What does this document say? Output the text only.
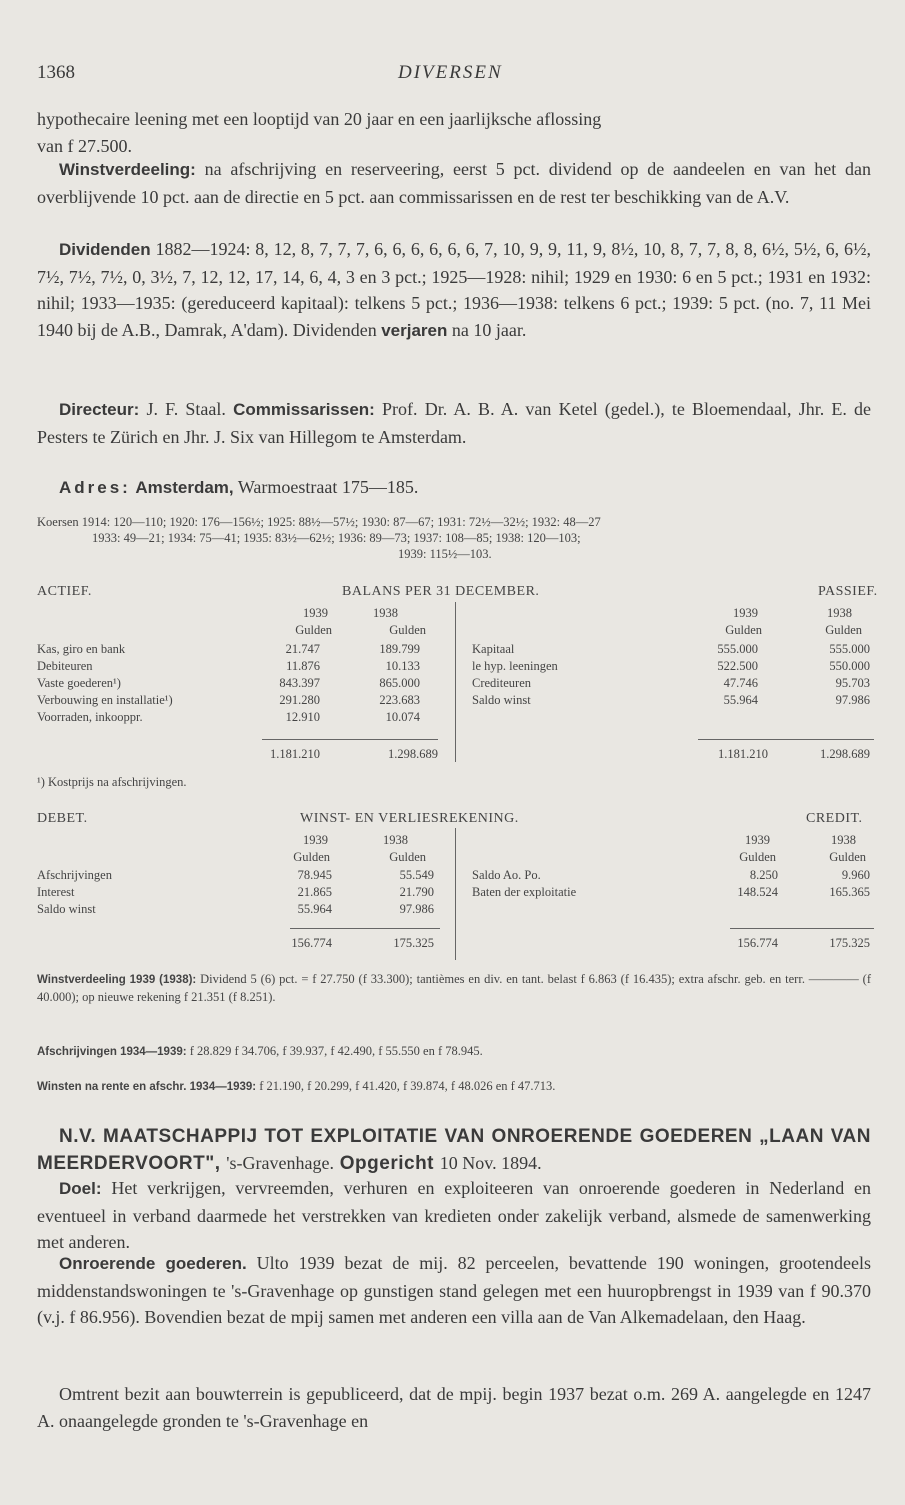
1368	DIVERSEN
hypothecaire leening met een looptijd van 20 jaar en een jaarlijksche aflossing
van f 27.500.
Winstverdeeling: na afschrijving en reserveering, eerst 5 pct. dividend op de aandeelen en van het dan overblijvende 10 pct. aan de directie en 5 pct. aan commissarissen en de rest ter beschikking van de A.V.
Dividenden 1882—1924: 8, 12, 8, 7, 7, 7, 6, 6, 6, 6, 6, 6, 7, 10, 9, 9, 11, 9, 8½, 10, 8, 7, 7, 8, 8, 6½, 5½, 6, 6½, 7½, 7½, 7½, 0, 3½, 7, 12, 12, 17, 14, 6, 4, 3 en 3 pct.; 1925—1928: nihil; 1929 en 1930: 6 en 5 pct.; 1931 en 1932: nihil; 1933—1935: (gereduceerd kapitaal): telkens 5 pct.; 1936—1938: telkens 6 pct.; 1939: 5 pct. (no. 7, 11 Mei 1940 bij de A.B., Damrak, A'dam). Dividenden verjaren na 10 jaar.
Directeur: J. F. Staal. Commissarissen: Prof. Dr. A. B. A. van Ketel (gedel.), te Bloemendaal, Jhr. E. de Pesters te Zürich en Jhr. J. Six van Hillegom te Amsterdam.
Adres: Amsterdam, Warmoestraat 175—185.
Koersen 1914: 120—110; 1920: 176—156½; 1925: 88½—57½; 1930: 87—67; 1931: 72½—32½; 1932: 48—27
1933: 49—21; 1934: 75—41; 1935: 83½—62½; 1936: 89—73; 1937: 108—85; 1938: 120—103;
1939: 115½—103.
ACTIEF.	BALANS PER 31 DECEMBER.	PASSIEF.
1939	1938
Gulden	Gulden
1939	1938
Gulden	Gulden
Kas, giro en bank	21.747	189.799
Debiteuren	11.876	10.133
Vaste goederen¹)	843.397	865.000
Verbouwing en installatie¹)	291.280	223.683
Voorraden, inkooppr.	12.910	10.074
Kapitaal	555.000	555.000
le hyp. leeningen	522.500	550.000
Crediteuren	47.746	95.703
Saldo winst	55.964	97.986
1.181.210	1.298.689	1.181.210	1.298.689
¹) Kostprijs na afschrijvingen.
DEBET.	WINST- EN VERLIESREKENING.	CREDIT.
1939	1938
Gulden	Gulden
1939	1938
Gulden	Gulden
Afschrijvingen	78.945	55.549
Interest	21.865	21.790
Saldo winst	55.964	97.986
Saldo Ao. Po.	8.250	9.960
Baten der exploitatie	148.524	165.365
156.774	175.325	156.774	175.325
Winstverdeeling 1939 (1938): Dividend 5 (6) pct. = f 27.750 (f 33.300); tantièmes en div. en tant. belast f 6.863 (f 16.435); extra afschr. geb. en terr. ———— (f 40.000); op nieuwe rekening f 21.351 (f 8.251).
Afschrijvingen 1934—1939: f 28.829 f 34.706, f 39.937, f 42.490, f 55.550 en f 78.945.
Winsten na rente en afschr. 1934—1939: f 21.190, f 20.299, f 41.420, f 39.874, f 48.026 en f 47.713.
N.V. MAATSCHAPPIJ TOT EXPLOITATIE VAN ONROERENDE GOEDEREN „LAAN VAN MEERDERVOORT", 's-Gravenhage. Opgericht 10 Nov. 1894.
Doel: Het verkrijgen, vervreemden, verhuren en exploiteeren van onroerende goederen in Nederland en eventueel in verband daarmede het verstrekken van kredieten onder zakelijk verband, alsmede de samenwerking met anderen.
Onroerende goederen. Ulto 1939 bezat de mij. 82 perceelen, bevattende 190 woningen, grootendeels middenstandswoningen te 's-Gravenhage op gunstigen stand gelegen met een huuropbrengst in 1939 van f 90.370 (v.j. f 86.956). Bovendien bezat de mpij samen met anderen een villa aan de Van Alkemadelaan, den Haag.
Omtrent bezit aan bouwterrein is gepubliceerd, dat de mpij. begin 1937 bezat o.m. 269 A. aangelegde en 1247 A. onaangelegde gronden te 's-Gravenhage en
